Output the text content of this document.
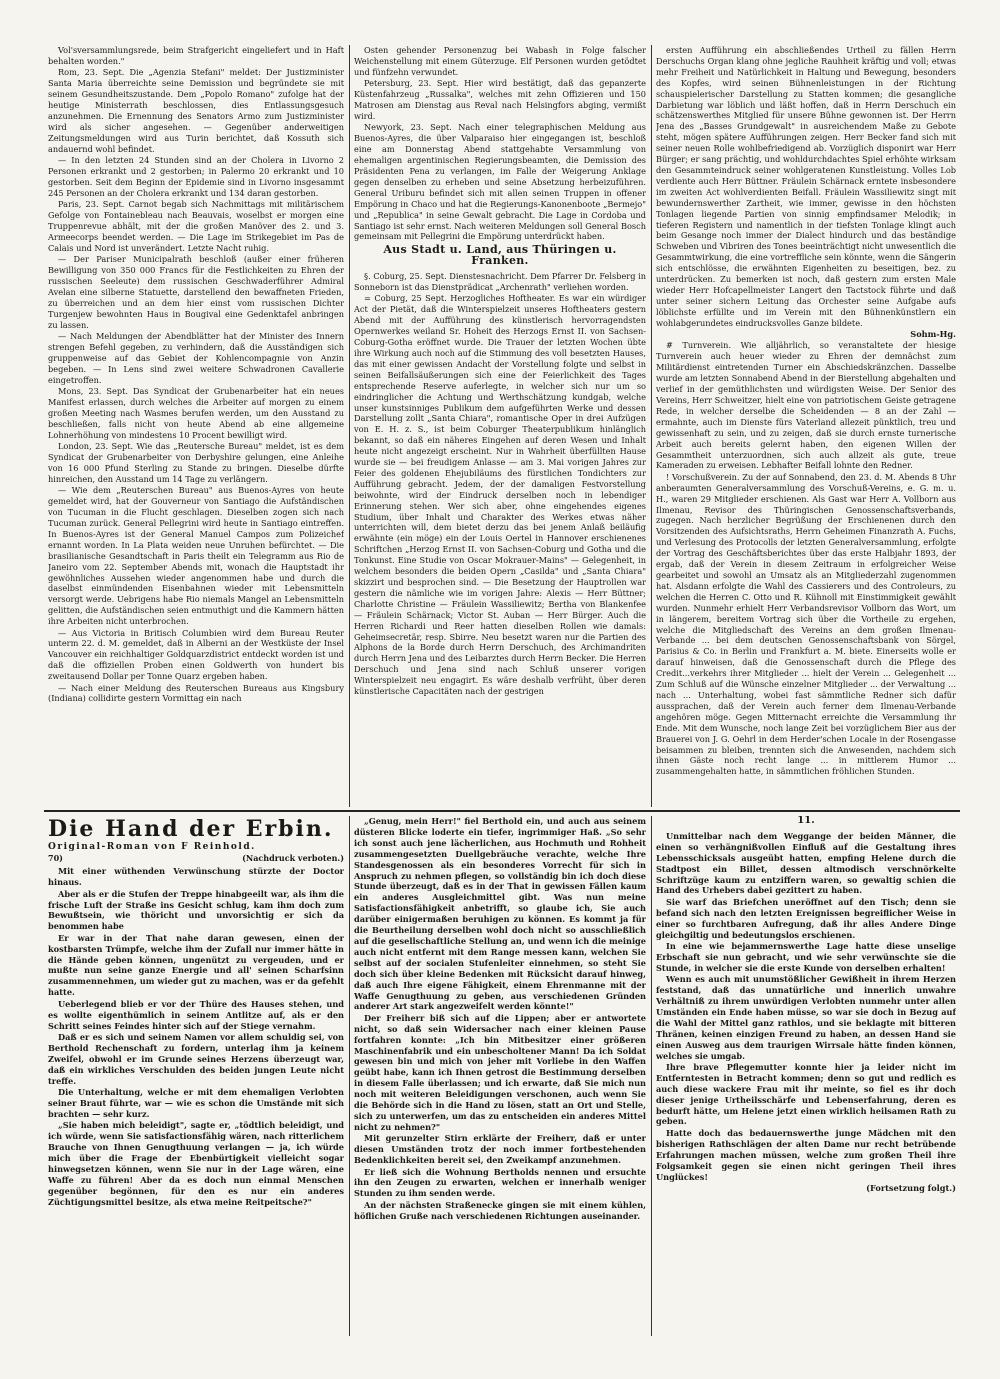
Vol'sversammlungsrede, beim Strafgericht eingeliefert und in Haft behalten worden."

Rom, 23. Sept. Die „Agenzia Stefani" meldet: Der Justizminister Santa Maria überreichte seine Demission und begründete sie mit seinem Gesundheitszustande. Dem „Popolo Romano" zufolge hat der heutige Ministerrath beschlossen, dies Entlassungsgesuch anzunehmen. Die Ernennung des Senators Armo zum Justizminister wird als sicher angesehen. — Gegenüber anderweitigen Zeitungsmeldungen wird aus Turin berichtet, daß Kossuth sich andauernd wohl befindet.

— In den letzten 24 Stunden sind an der Cholera in Livorno 2 Personen erkrankt und 2 gestorben; in Palermo 20 erkrankt und 10 gestorben. Seit dem Beginn der Epidemie sind in Livorno insgesammt 245 Personen an der Cholera erkrankt und 134 daran gestorben.

Paris, 23. Sept. Carnot begab sich Nachmittags mit militärischem Gefolge von Fontainebleau nach Beauvais, woselbst er morgen eine Truppenrevue abhält, mit der die großen Manöver des 2. und 3. Armeecorps beendet werden. — Die Lage im Strikegebiet im Pas de Calais und Nord ist unverändert. Letzte Nacht ruhig.

— Der Pariser Municipalrath beschloß (außer einer früheren Bewilligung von 350 000 Francs für die Festlichkeiten zu Ehren der russischen Seeleute) dem russischen Geschwaderführer Admiral Avelan eine silberne Statuette, darstellend den bewaffneten Frieden, zu überreichen und an dem hier einst vom russischen Dichter Turgenjew bewohnten Haus in Bougival eine Gedenktafel anbringen zu lassen.

— Nach Meldungen der Abendblätter hat der Minister des Innern strengen Befehl gegeben, zu verhindern, daß die Ausständigen sich gruppenweise auf das Gebiet der Kohlencompagnie von Anzin begeben. — In Lens sind zwei weitere Schwadronen Cavallerie eingetroffen.

Mons, 23. Sept. Das Syndicat der Grubenarbeiter hat ein neues Manifest erlassen, durch welches die Arbeiter auf morgen zu einem großen Meeting nach Wasmes berufen werden, um den Ausstand zu beschließen, falls nicht von heute Abend ab eine allgemeine Lohnerhöhung von mindestens 10 Procent bewilligt wird.

London, 23. Sept. Wie das „Reutersche Bureau" meldet, ist es dem Syndicat der Grubenarbeiter von Derbyshire gelungen, eine Anleihe von 16 000 Pfund Sterling zu Stande zu bringen. Dieselbe dürfte hinreichen, den Ausstand um 14 Tage zu verlängern.

— Wie dem „Reuterschen Bureau" aus Buenos-Ayres von heute gemeldet wird, hat der Gouverneur von Santiago die Aufständischen von Tucuman in die Flucht geschlagen. Dieselben zogen sich nach Tucuman zurück. General Pellegrini wird heute in Santiago eintreffen. In Buenos-Ayres ist der General Manuel Campos zum Polizeichef ernannt worden. In La Plata weiden neue Unruhen befürchtet. — Die brasilianische Gesandtschaft in Paris theilt ein Telegramm aus Rio de Janeiro vom 22. September Abends mit, wonach die Hauptstadt ihr gewöhnliches Aussehen wieder angenommen habe und durch die daselbst einmündenden Eisenbahnen wieder mit Lebensmitteln versorgt werde. Uebrigens habe Rio niemals Mangel an Lebensmitteln gelitten, die Aufständischen seien entmuthigt und die Kammern hätten ihre Arbeiten nicht unterbrochen.

— Aus Victoria in Britisch Columbien wird dem Bureau Reuter unterm 22. d. M. gemeldet, daß in Alberni an der Westküste der Insel Vancouver ein reichhaltiger Goldquarzdistrict entdeckt worden ist und daß die offiziellen Proben einen Goldwerth von hundert bis zweitausend Dollar per Tonne Quarz ergeben haben.

— Nach einer Meldung des Reuterschen Bureaus aus Kingsbury (Indiana) collidirte gestern Vormittag ein nach

Osten gehender Personenzug bei Wabash in Folge falscher Weichenstellung mit einem Güterzuge. Elf Personen wurden getödtet und fünfzehn verwundet.

Petersburg, 23. Sept. Hier wird bestätigt, daß das gepanzerte Küstenfahrzeug „Russalka", welches mit zehn Offizieren und 150 Matrosen am Dienstag aus Reval nach Helsingfors abging, vermißt wird.

Newyork, 23. Sept. Nach einer telegraphischen Meldung aus Buenos-Ayres, die über Valparaiso hier eingegangen ist, beschloß eine am Donnerstag Abend stattgehabte Versammlung von ehemaligen argentinischen Regierungsbeamten, die Demission des Präsidenten Pena zu verlangen, im Falle der Weigerung Anklage gegen denselben zu erheben und seine Absetzung herbeizuführen. General Uriburu befindet sich mit allen seinen Truppen in offener Empörung in Chaco und hat die Regierungs-Kanonenboote „Bermejo" und „Republica" in seine Gewalt gebracht. Die Lage in Cordoba und Santiago ist sehr ernst. Nach weiteren Meldungen soll General Bosch gemeinsam mit Pellegrini die Empörung unterdrückt haben.

Aus Stadt u. Land, aus Thüringen u. Franken.

§. Coburg, 25. Sept. Dienstesnachricht. Dem Pfarrer Dr. Felsberg in Sonneborn ist das Dienstprädicat „Archenrath" verliehen worden.

= Coburg, 25 Sept. Herzogliches Hoftheater. Es war ein würdiger Act der Pietät, daß die Winterspielzeit unseres Hoftheaters gestern Abend mit der Aufführung des künstlerisch hervorragendsten Opernwerkes weiland Sr. Hoheit des Herzogs Ernst II. von Sachsen-Coburg-Gotha eröffnet wurde. Die Trauer der letzten Wochen übte ihre Wirkung auch noch auf die Stimmung des voll besetzten Hauses, das mit einer gewissen Andacht der Vorstellung folgte und selbst in seinen Beifallsäußerungen sich eine der Feierlichkeit des Tages entsprechende Reserve auferlegte, in welcher sich nur um so eindringlicher die Achtung und Werthschätzung kundgab, welche unser kunstsinniges Publikum dem aufgeführten Werke und dessen Darstellung zollt „Santa Chiara", romantische Oper in drei Aufzügen von E. H. z. S., ist beim Coburger Theaterpublikum hinlänglich bekannt, so daß ein näheres Eingehen auf deren Wesen und Inhalt heute nicht angezeigt erscheint. Nur in Wahrheit überfüllten Hause wurde sie — bei freudigem Anlasse — am 3. Mai vorigen Jahres zur Feier des goldenen Ehejubiläums des fürstlichen Tondichters zur Aufführung gebracht. Jedem, der der damaligen Festvorstellung beiwohnte, wird der Eindruck derselben noch in lebendiger Erinnerung stehen. Wer sich aber, ohne eingehendes eigenes Studium, über Inhalt und Charakter des Werkes etwas näher unterrichten will, dem bietet derzu das bei jenem Anlaß beiläufig erwähnte (ein möge) ein der Louis Oertel in Hannover erschienenes Schriftchen „Herzog Ernst II. von Sachsen-Coburg und Gotha und die Tonkunst. Eine Studie von Oscar Mokrauer-Mains" — Gelegenheit, in welchem besonders die beiden Opern „Casilda" und „Santa Chiara" skizzirt und besprochen sind. — Die Besetzung der Hauptrollen war gestern die nämliche wie im vorigen Jahre: Alexis — Herr Büttner; Charlotte Christine — Fräulein Wassiliewitz; Bertha von Blankenfee — Fräulein Schärnack; Victor St. Auban — Herr Bürger. Auch die Herren Richardi und Reer hatten dieselben Rollen wie damals: Geheimsecretär, resp. Sbirre. Neu besetzt waren nur die Partien des Alphons de la Borde durch Herrn Derschuch, des Archimandriten durch Herrn Jena und des Leibarztes durch Herrn Becker. Die Herren Derschuch und Jena sind nach Schluß unserer vorigen Winterspielzeit neu engagirt. Es wäre deshalb verfrüht, über deren künstlerische Capacitäten nach der gestrigen

ersten Aufführung ein abschließendes Urtheil zu fällen Herrn Derschuchs Organ klang ohne jegliche Rauhheit kräftig und voll; etwas mehr Freiheit und Natürlichkeit in Haltung und Bewegung, besonders des Kopfes, wird seinen Bühnenleistungen in der Richtung schauspielerischer Darstellung zu Statten kommen; die gesangliche Darbietung war löblich und läßt hoffen, daß in Herrn Derschuch ein schätzenswerthes Mitglied für unsere Bühne gewonnen ist. Der Herrn Jena des „Basses Grundgewalt" in ausreichendem Maße zu Gebote steht, mögen spätere Aufführungen zeigen. Herr Becker fand sich mit seiner neuen Rolle wohlbefriedigend ab. Vorzüglich disponirt war Herr Bürger; er sang prächtig, und wohldurchdachtes Spiel erhöhte wirksam den Gesammteindruck seiner wohlgeratenen Kunstleistung. Volles Lob verdiente auch Herr Büttner. Fräulein Schärnack erntete insbesondere im zweiten Act wohlverdienten Beifall. Fräulein Wassiliewitz singt mit bewundernswerther Zartheit, wie immer, gewisse in den höchsten Tonlagen liegende Partien von sinnig empfindsamer Melodik; in tieferen Registern und namentlich in der tiefsten Tonlage klingt auch beim Gesange noch immer der Dialect hindurch und das beständige Schweben und Vibriren des Tones beeinträchtigt nicht unwesentlich die Gesammtwirkung, die eine vortreffliche sein könnte, wenn die Sängerin sich entschlösse, die erwähnten Eigenheiten zu beseitigen, bez. zu unterdrücken. Zu bemerken ist noch, daß gestern zum ersten Male wieder Herr Hofcapellmeister Langert den Tactstock führte und daß unter seiner sichern Leitung das Orchester seine Aufgabe aufs löblichste erfüllte und im Verein mit den Bühnenkünstlern ein wohlabgerundetes eindrucksvolles Ganze bildete.

Sohm-Hg.

# Turnverein. Wie alljährlich, so veranstaltete der hiesige Turnverein auch heuer wieder zu Ehren der demnächst zum Militärdienst eintretenden Turner ein Abschiedskränzchen. Dasselbe wurde am letzten Sonnabend Abend in der Bierstellung abgehalten und verlief in der gemüthlichsten und würdigsten Weise. Der Senior des Vereins, Herr Schweitzer, hielt eine von patriotischem Geiste getragene Rede, in welcher derselbe die Scheidenden — 8 an der Zahl — ermahnte, auch im Dienste fürs Vaterland allezeit pünktlich, treu und gewissenhaft zu sein, und zu zeigen, daß sie durch ernste turnerische Arbeit auch bereits gelernt haben, den eigenen Willen der Gesammtheit unterzuordnen, sich auch allzeit als gute, treue Kameraden zu erweisen. Lebhafter Beifall lohnte den Redner.

! Vorschußverein. Zu der auf Sonnabend, den 23. d. M. Abends 8 Uhr anberaumten Generalversammlung des Vorschuß-Vereins, e. G. m. u. H., waren 29 Mitglieder erschienen. Als Gast war Herr A. Vollborn aus Ilmenau, Revisor des Thüringischen Genossenschaftsverbands, zugegen. Nach herzlicher Begrüßung der Erschienenen durch den Vorsitzenden des Aufsichtsraths, Herrn Geheimen Finanzrath A. Fuchs, und Verlesung des Protocolls der letzten Generalversammlung, erfolgte der Vortrag des Geschäftsberichtes über das erste Halbjahr 1893, der ergab, daß der Verein in diesem Zeitraum in erfolgreicher Weise gearbeitet und sowohl an Umsatz als an Mitgliederzahl zugenommen hat. Alsdann erfolgte die Wahl des Cassierers und des Controleurs, zu welchen die Herren C. Otto und R. Kühnoll mit Einstimmigkeit gewählt wurden. Nunmehr erhielt Herr Verbandsrevisor Vollborn das Wort, um in längerem, bereitem Vortrag sich über die Vortheile zu ergehen, welche die Mitgliedschaft des Vereins an dem großen Ilmenau-Verbande ... bei dem deutschen Genossenschaftsbank von Sörgel, Parisius & Co. in Berlin und Frankfurt a. M. biete. Einerseits wolle er darauf hinweisen, daß die Genossenschaft durch die Pflege des Credit...verkehrs ihrer Mitglieder ... hielt der Verein ... Gelegenheit ... Zum Schluß auf die Wünsche einzelner Mitglieder ... der Verwaltung ... nach ... Unterhaltung, wobei fast sämmtliche Redner sich dafür aussprachen, daß der Verein auch ferner dem Ilmenau-Verbande angehören möge. Gegen Mitternacht erreichte die Versammlung ihr Ende. Mit dem Wunsche, noch lange Zeit bei vorzüglichem Bier aus der Brauerei von J. G. Oehrl in dem Herder'schen Locale in der Rosengasse beisammen zu bleiben, trennten sich die Anwesenden, nachdem sich ihnen Gäste noch recht lange ... in mittlerem Humor ... zusammengehalten hatte, in sämmtlichen fröhlichen Stunden.

Die Hand der Erbin.

Original-Roman von F Reinhold.

70)	(Nachdruck verboten.)

Mit einer wüthenden Verwünschung stürzte der Doctor hinaus.

Aber als er die Stufen der Treppe hinabgeeilt war, als ihm die frische Luft der Straße ins Gesicht schlug, kam ihm doch zum Bewußtsein, wie thöricht und unvorsichtig er sich da benommen habe

Er war in der That nahe daran gewesen, einen der kostbarsten Trümpfe, welche ihm der Zufall nur immer hätte in die Hände geben können, ungenützt zu vergeuden, und er mußte nun seine ganze Energie und all' seinen Scharfsinn zusammennehmen, um wieder gut zu machen, was er da gefehlt hatte.

Ueberlegend blieb er vor der Thüre des Hauses stehen, und es wollte eigenthümlich in seinem Antlitze auf, als er den Schritt seines Feindes hinter sich auf der Stiege vernahm.

Daß er es sich und seinem Namen vor allem schuldig sei, von Berthold Rechenschaft zu fordern, unterlag ihm ja keinem Zweifel, obwohl er im Grunde seines Herzens überzeugt war, daß ein wirkliches Verschulden des beiden jungen Leute nicht treffe.

Die Unterhaltung, welche er mit dem ehemaligen Verlobten seiner Braut führte, war — wie es schon die Umstände mit sich brachten — sehr kurz.

„Sie haben mich beleidigt", sagte er, „tödtlich beleidigt, und ich würde, wenn Sie satisfactionsfähig wären, nach ritterlichem Brauche von Ihnen Genugthuung verlangen — ja, ich würde mich über die Frage der Ebenbürtigkeit vielleicht sogar hinwegsetzen können, wenn Sie nur in der Lage wären, eine Waffe zu führen! Aber da es doch nun einmal Menschen gegenüber begönnen, für den es nur ein anderes Züchtigungsmittel besitze, als etwa meine Reitpeitsche?"

„Genug, mein Herr!" fiel Berthold ein, und auch aus seinem düsteren Blicke loderte ein tiefer, ingrimmiger Haß. „So sehr ich sonst auch jene lächerlichen, aus Hochmuth und Rohheit zusammengesetzten Duellgebräuche verachte, welche Ihre Standesgenossen als ein besonderes Vorrecht für sich in Anspruch zu nehmen pflegen, so vollständig bin ich doch diese Stunde überzeugt, daß es in der That in gewissen Fällen kaum ein anderes Ausgleichmittel gibt. Was nun meine Satisfactionsfähigkeit anbetrifft, so glaube ich, Sie auch darüber einigermaßen beruhigen zu können. Es kommt ja für die Beurtheilung derselben wohl doch nicht so ausschließlich auf die gesellschaftliche Stellung an, und wenn ich die meinige auch nicht entfernt mit dem Range messen kann, welchen Sie selbst auf der socialen Stufenleiter einnehmen, so steht Sie doch sich über kleine Bedenken mit Rücksicht darauf hinweg, daß auch Ihre eigene Fähigkeit, einem Ehrenmanne mit der Waffe Genugthuung zu geben, aus verschiedenen Gründen anderer Art stark angezweifelt werden könnte!"

Der Freiherr biß sich auf die Lippen; aber er antwortete nicht, so daß sein Widersacher nach einer kleinen Pause fortfahren konnte: „Ich bin Mitbesitzer einer größeren Maschinenfabrik und ein unbescholtener Mann! Da ich Soldat gewesen bin und mich von jeher mit Vorliebe in den Waffen geübt habe, kann ich Ihnen getrost die Bestimmung derselben in diesem Falle überlassen; und ich erwarte, daß Sie mich nun noch mit weiteren Beleidigungen verschonen, auch wenn Sie die Behörde sich in die Hand zu lösen, statt an Ort und Stelle, sich zu unterwerfen, um das zu entscheiden ein anderes Mittel nicht zu nehmen?"

Mit gerunzelter Stirn erklärte der Freiherr, daß er unter diesen Umständen trotz der noch immer fortbestehenden Bedenklichkeiten bereit sei, den Zweikampf anzunehmen.

Er ließ sich die Wohnung Bertholds nennen und ersuchte ihn den Zeugen zu erwarten, welchen er innerhalb weniger Stunden zu ihm senden werde.

An der nächsten Straßenecke gingen sie mit einem kühlen, höflichen Gruße nach verschiedenen Richtungen auseinander.

11.

Unmittelbar nach dem Weggange der beiden Männer, die einen so verhängnißvollen Einfluß auf die Gestaltung ihres Lebensschicksals ausgeübt hatten, empfing Helene durch die Stadtpost ein Billet, dessen altmodisch verschnörkelte Schriftzüge kaum zu entziffern waren, so gewaltig schien die Hand des Urhebers dabei gezittert zu haben.

Sie warf das Briefchen uneröffnet auf den Tisch; denn sie befand sich nach den letzten Ereignissen begreiflicher Weise in einer so furchtbaren Aufregung, daß ihr alles Andere Dinge gleichgiltig und bedeutungslos erschienen.

In eine wie bejammernswerthe Lage hatte diese unselige Erbschaft sie nun gebracht, und wie sehr verwünschte sie die Stunde, in welcher sie die erste Kunde von derselben erhalten!

Wenn es auch mit unumstößlicher Gewißheit in ihrem Herzen feststand, daß das unnatürliche und innerlich unwahre Verhältniß zu ihrem unwürdigen Verlobten nunmehr unter allen Umständen ein Ende haben müsse, so war sie doch in Bezug auf die Wahl der Mittel ganz rathlos, und sie beklagte mit bitteren Thränen, keinen einzigen Freund zu haben, an dessen Hand sie einen Ausweg aus dem traurigen Wirrsale hätte finden können, welches sie umgab.

Ihre brave Pflegemutter konnte hier ja leider nicht im Entferntesten in Betracht kommen; denn so gut und redlich es auch diese wackere Frau mit ihr meinte, so fiel es ihr doch dieser jenige Urtheilsschärfe und Lebenserfahrung, deren es bedurft hätte, um Helene jetzt einen wirklich heilsamen Rath zu geben.

Hatte doch das bedauernswerthe junge Mädchen mit den bisherigen Rathschlägen der alten Dame nur recht betrübende Erfahrungen machen müssen, welche zum großen Theil ihre Folgsamkeit gegen sie einen nicht geringen Theil ihres Unglückes!

(Fortsetzung folgt.)
